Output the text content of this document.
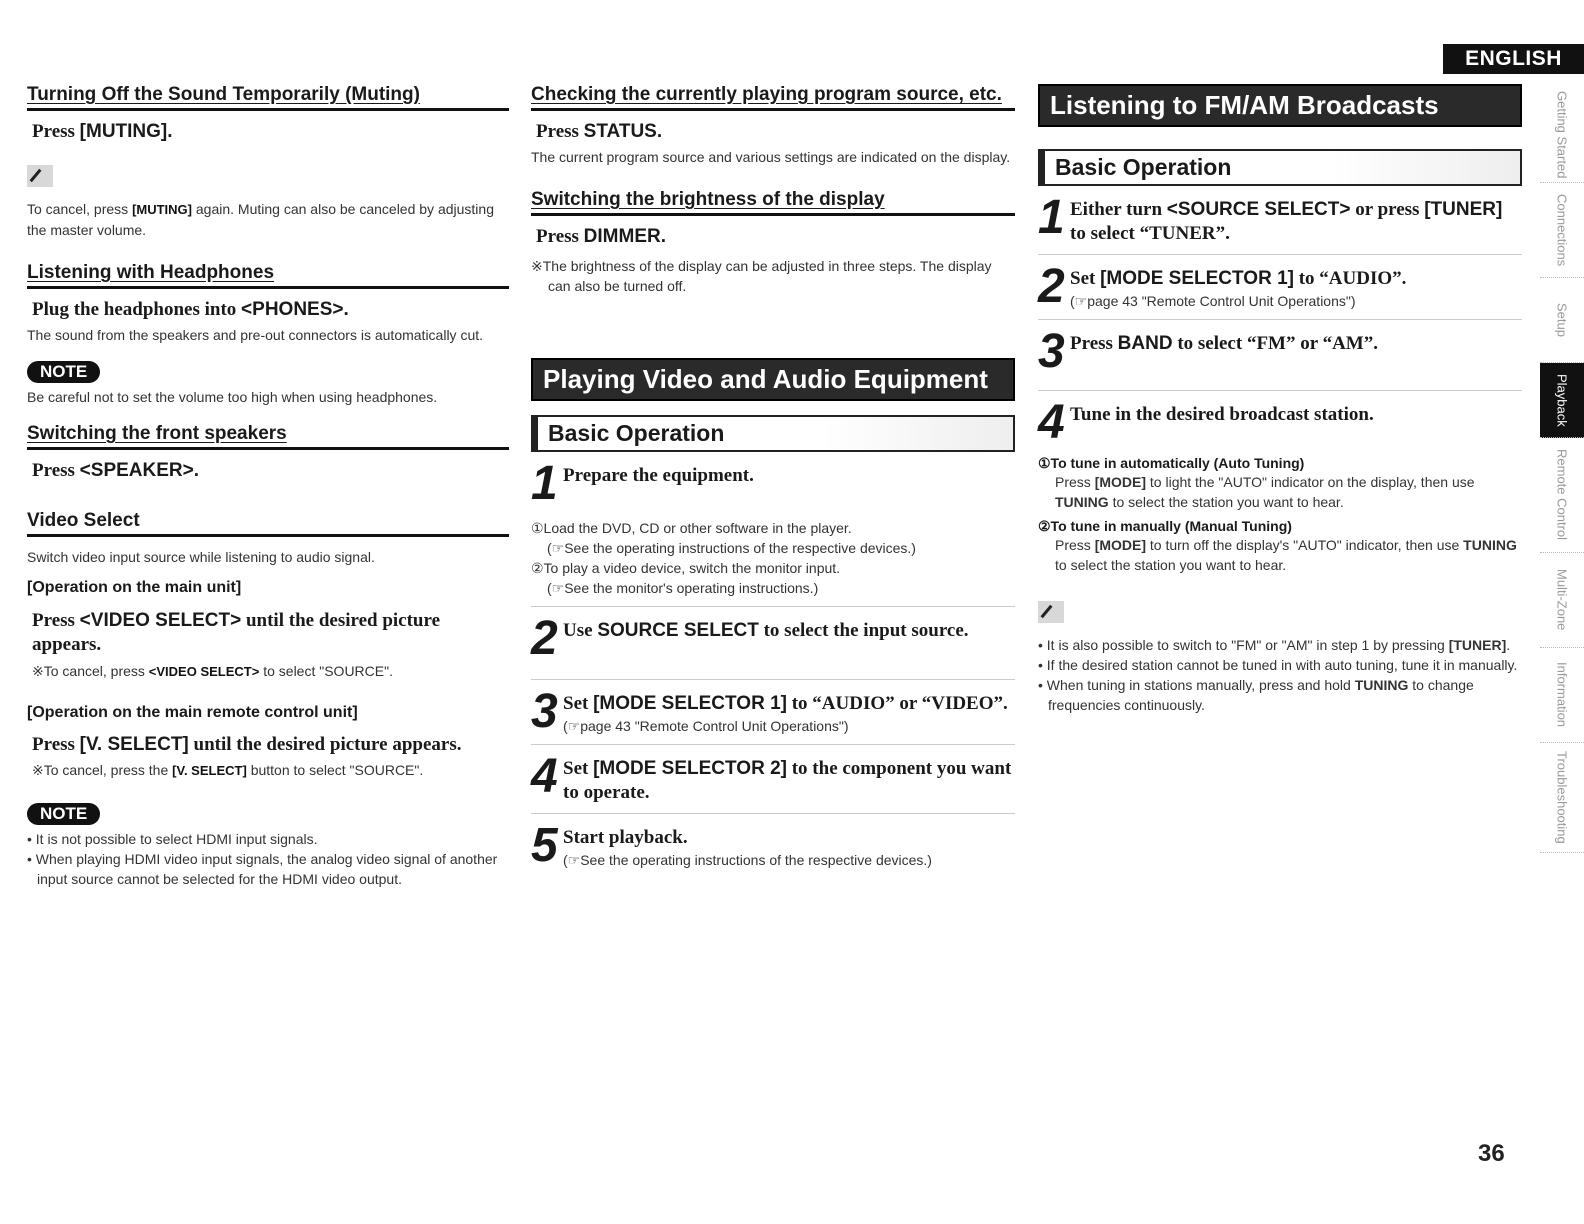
ENGLISH
Turning Off the Sound Temporarily (Muting)
Press [MUTING].
To cancel, press [MUTING] again. Muting can also be canceled by adjusting the master volume.
Listening with Headphones
Plug the headphones into <PHONES>.
The sound from the speakers and pre-out connectors is automatically cut.
NOTE
Be careful not to set the volume too high when using headphones.
Switching the front speakers
Press <SPEAKER>.
Video Select
Switch video input source while listening to audio signal.
[Operation on the main unit]
Press <VIDEO SELECT> until the desired picture appears.
※To cancel, press <VIDEO SELECT> to select "SOURCE".
[Operation on the main remote control unit]
Press [V. SELECT] until the desired picture appears.
※To cancel, press the [V. SELECT] button to select "SOURCE".
NOTE
• It is not possible to select HDMI input signals.
• When playing HDMI video input signals, the analog video signal of another input source cannot be selected for the HDMI video output.
Checking the currently playing program source, etc.
Press STATUS.
The current program source and various settings are indicated on the display.
Switching the brightness of the display
Press DIMMER.
※The brightness of the display can be adjusted in three steps. The display can also be turned off.
Playing Video and Audio Equipment
Basic Operation
1 Prepare the equipment.
①Load the DVD, CD or other software in the player.
(☞See the operating instructions of the respective devices.)
②To play a video device, switch the monitor input.
(☞See the monitor's operating instructions.)
2 Use SOURCE SELECT to select the input source.
3 Set [MODE SELECTOR 1] to “AUDIO” or “VIDEO”.
(☞page 43 "Remote Control Unit Operations")
4 Set [MODE SELECTOR 2] to the component you want to operate.
5 Start playback.
(☞See the operating instructions of the respective devices.)
Listening to FM/AM Broadcasts
Basic Operation
1 Either turn <SOURCE SELECT> or press [TUNER] to select “TUNER”.
2 Set [MODE SELECTOR 1] to “AUDIO”.
(☞page 43 "Remote Control Unit Operations")
3 Press BAND to select “FM” or “AM”.
4 Tune in the desired broadcast station.
①To tune in automatically (Auto Tuning)
Press [MODE] to light the "AUTO" indicator on the display, then use TUNING to select the station you want to hear.
②To tune in manually (Manual Tuning)
Press [MODE] to turn off the display's "AUTO" indicator, then use TUNING to select the station you want to hear.
• It is also possible to switch to "FM" or "AM" in step 1 by pressing [TUNER].
• If the desired station cannot be tuned in with auto tuning, tune it in manually.
• When tuning in stations manually, press and hold TUNING to change frequencies continuously.
Getting Started
Connections
Setup
Playback
Remote Control
Multi-Zone
Information
Troubleshooting
36
